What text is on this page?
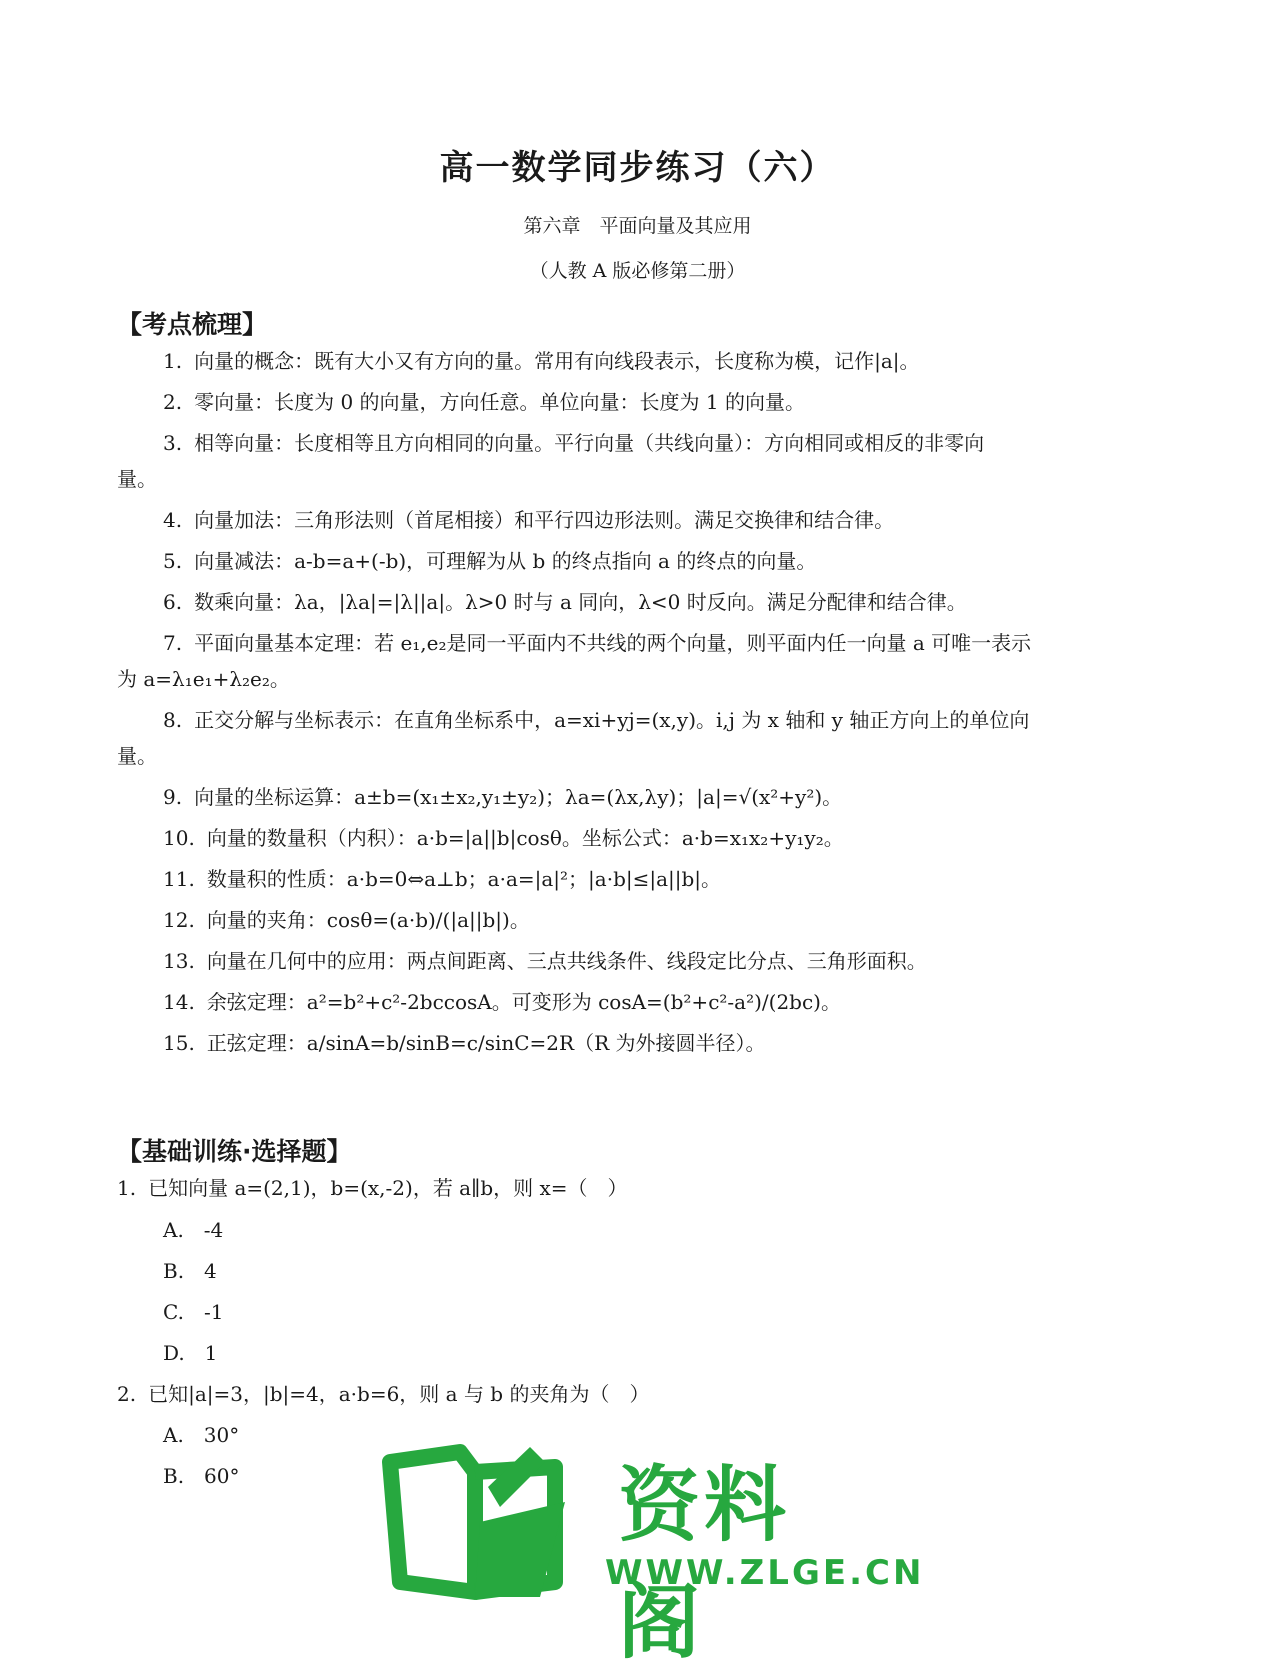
高一数学同步练习（六）
第六章　平面向量及其应用
（人教 A 版必修第二册）
【考点梳理】
1. 向量的概念：既有大小又有方向的量。常用有向线段表示，长度称为模，记作|a|。
2. 零向量：长度为 0 的向量，方向任意。单位向量：长度为 1 的向量。
3. 相等向量：长度相等且方向相同的向量。平行向量（共线向量）：方向相同或相反的非零向
量。
4. 向量加法：三角形法则（首尾相接）和平行四边形法则。满足交换律和结合律。
5. 向量减法：a-b=a+(-b)，可理解为从 b 的终点指向 a 的终点的向量。
6. 数乘向量：λa，|λa|=|λ||a|。λ>0 时与 a 同向，λ<0 时反向。满足分配律和结合律。
7. 平面向量基本定理：若 e₁,e₂是同一平面内不共线的两个向量，则平面内任一向量 a 可唯一表示
为 a=λ₁e₁+λ₂e₂。
8. 正交分解与坐标表示：在直角坐标系中，a=xi+yj=(x,y)。i,j 为 x 轴和 y 轴正方向上的单位向
量。
9. 向量的坐标运算：a±b=(x₁±x₂,y₁±y₂)；λa=(λx,λy)；|a|=√(x²+y²)。
10. 向量的数量积（内积）：a·b=|a||b|cosθ。坐标公式：a·b=x₁x₂+y₁y₂。
11. 数量积的性质：a·b=0⇔a⊥b；a·a=|a|²；|a·b|≤|a||b|。
12. 向量的夹角：cosθ=(a·b)/(|a||b|)。
13. 向量在几何中的应用：两点间距离、三点共线条件、线段定比分点、三角形面积。
14. 余弦定理：a²=b²+c²-2bccosA。可变形为 cosA=(b²+c²-a²)/(2bc)。
15. 正弦定理：a/sinA=b/sinB=c/sinC=2R（R 为外接圆半径）。
【基础训练·选择题】
1. 已知向量 a=(2,1)，b=(x,-2)，若 a∥b，则 x=（　）
A.　-4
B.　4
C.　-1
D.　1
2. 已知|a|=3，|b|=4，a·b=6，则 a 与 b 的夹角为（　）
A.　30°
B.　60°	资料阁
WWW.ZLGE.CN
